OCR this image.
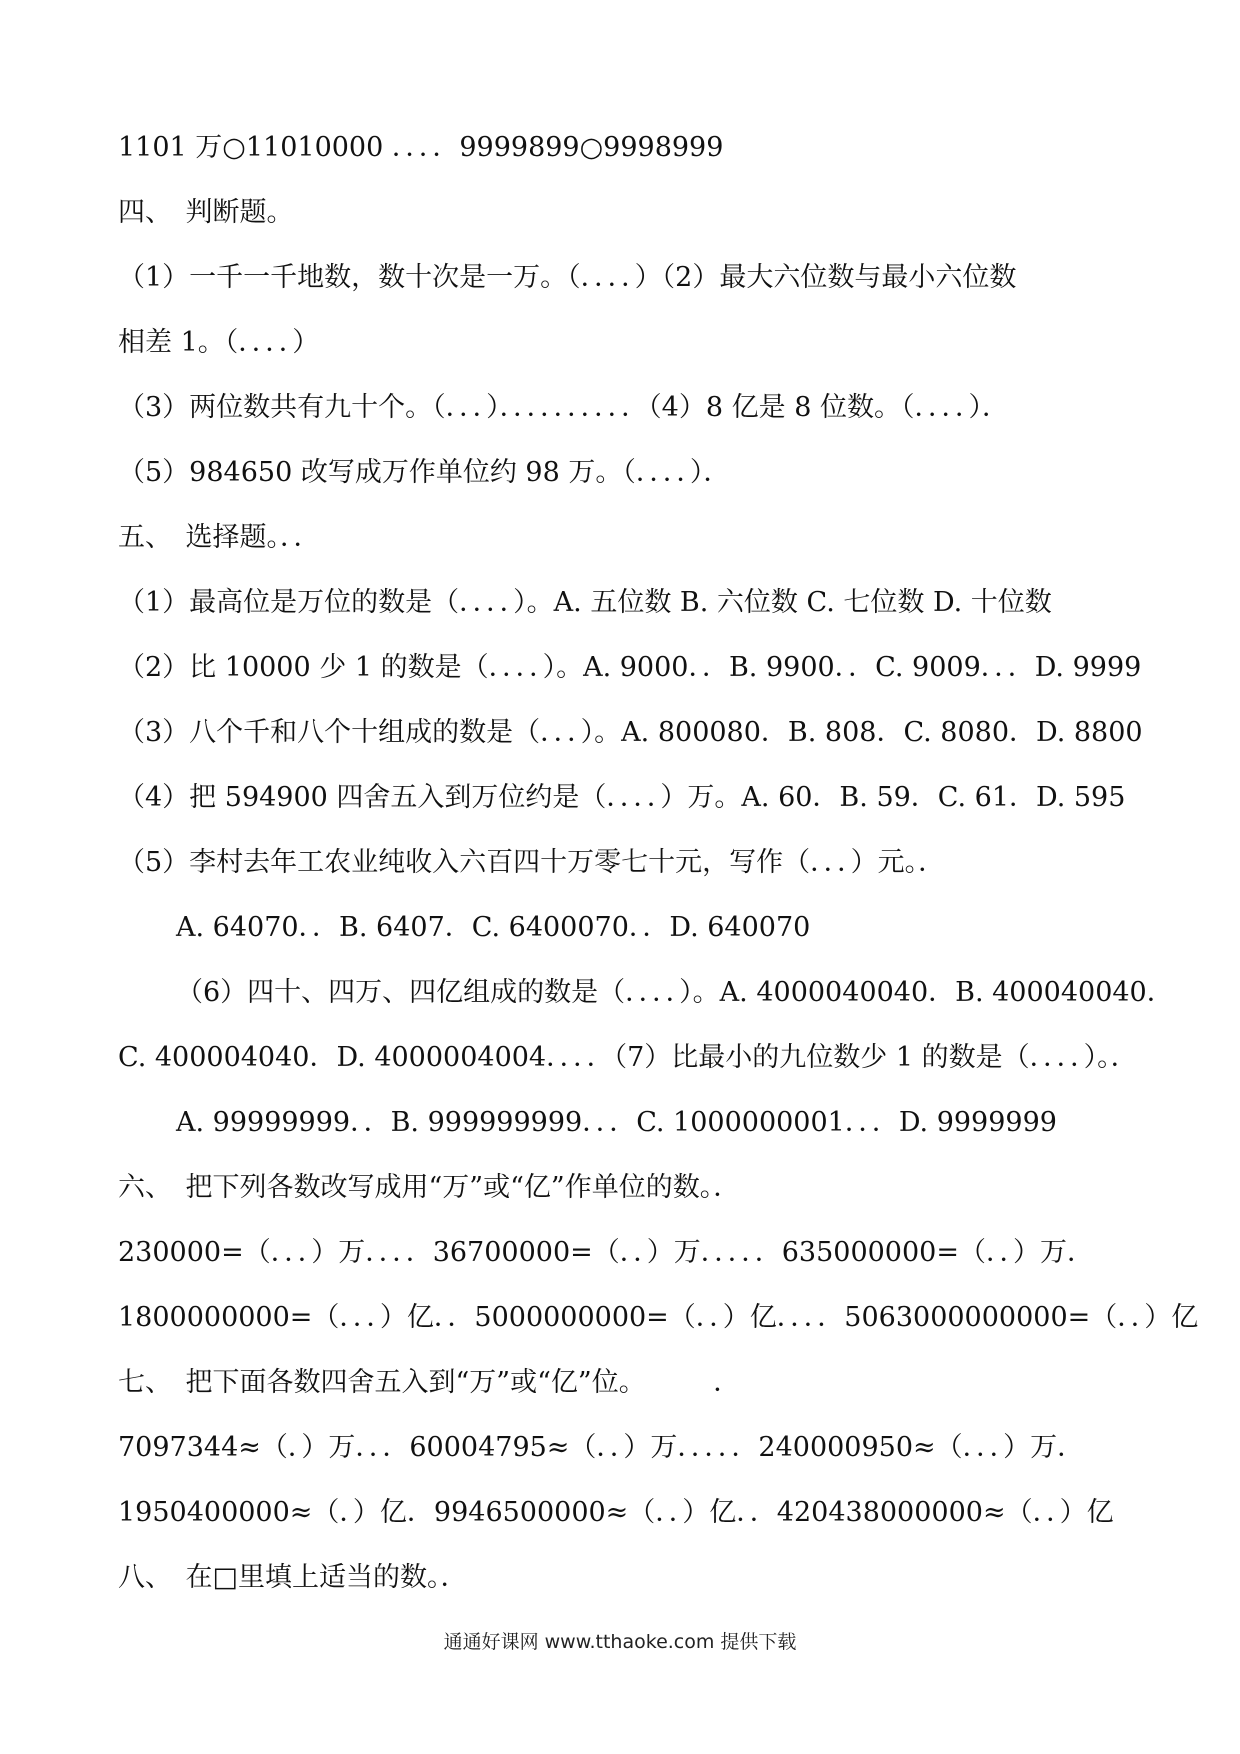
1101 万○11010000 ．．．．9999899○9998999
四、　判断题。
（1）一千一千地数，数十次是一万。（．．．．）（2）最大六位数与最小六位数
相差 1。（．．．．）
（3）两位数共有九十个。（．．．）．．．．．．．．．．（4）8 亿是 8 位数。（．．．．）．
（5）984650 改写成万作单位约 98 万。（．．．．）．
五、　选择题。．．
（1）最高位是万位的数是（．．．．）。A. 五位数 B. 六位数 C. 七位数 D. 十位数
（2）比 10000 少 1 的数是（．．．．）。A. 9000．．B. 9900．．C. 9009．．．D. 9999
（3）八个千和八个十组成的数是（．．．）。A. 800080．B. 808．C. 8080．D. 8800
（4）把 594900 四舍五入到万位约是（．．．．）万。A. 60．B. 59．C. 61．D. 595
（5）李村去年工农业纯收入六百四十万零七十元，写作（．．．）元。．
A. 64070．．B. 6407．C. 6400070．．D. 640070
（6）四十、四万、四亿组成的数是（．．．．）。A. 4000040040．B. 400040040．
C. 400004040．D. 4000004004．．．．（7）比最小的九位数少 1 的数是（．．．．）。．
A. 99999999．．B. 999999999．．．C. 1000000001．．．D. 9999999
六、　把下列各数改写成用“万”或“亿”作单位的数。．
230000=（．．．）万．．．．36700000=（．．）万．．．．．635000000=（．．）万．
1800000000=（．．．）亿．．5000000000=（．．）亿．．．．5063000000000=（．．）亿
七、　把下面各数四舍五入到“万”或“亿”位。　　　．
7097344≈（．）万．．．60004795≈（．．）万．．．．．240000950≈（．．．）万．
1950400000≈（．）亿．9946500000≈（．．）亿．．420438000000≈（．．）亿
八、　在□里填上适当的数。．
通通好课网 www.tthaoke.com 提供下载
